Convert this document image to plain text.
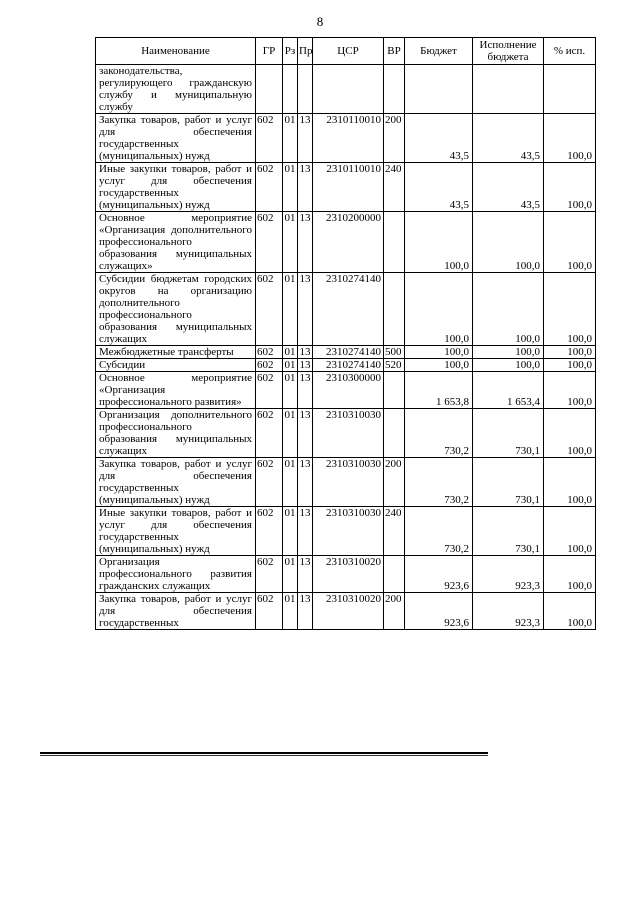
8
Наименование	ГР	Рз	Пр	ЦСР	ВР	Бюджет	Исполнение бюджета	% исп.
законодательства, регулирующего гражданскую службу и муниципальную службу								
Закупка товаров, работ и услуг для обеспечения государственных (муниципальных) нужд	602	01	13	2310110010	200	43,5	43,5	100,0
Иные закупки товаров, работ и услуг для обеспечения государственных (муниципальных) нужд	602	01	13	2310110010	240	43,5	43,5	100,0
Основное мероприятие «Организация дополнительного профессионального образования муниципальных служащих»	602	01	13	2310200000		100,0	100,0	100,0
Субсидии бюджетам городских округов на организацию дополнительного профессионального образования муниципальных служащих	602	01	13	2310274140		100,0	100,0	100,0
Межбюджетные трансферты	602	01	13	2310274140	500	100,0	100,0	100,0
Субсидии	602	01	13	2310274140	520	100,0	100,0	100,0
Основное мероприятие «Организация профессионального развития»	602	01	13	2310300000		1 653,8	1 653,4	100,0
Организация дополнительного профессионального образования муниципальных служащих	602	01	13	2310310030		730,2	730,1	100,0
Закупка товаров, работ и услуг для обеспечения государственных (муниципальных) нужд	602	01	13	2310310030	200	730,2	730,1	100,0
Иные закупки товаров, работ и услуг для обеспечения государственных (муниципальных) нужд	602	01	13	2310310030	240	730,2	730,1	100,0
Организация профессионального развития гражданских служащих	602	01	13	2310310020		923,6	923,3	100,0
Закупка товаров, работ и услуг для обеспечения государственных	602	01	13	2310310020	200	923,6	923,3	100,0
